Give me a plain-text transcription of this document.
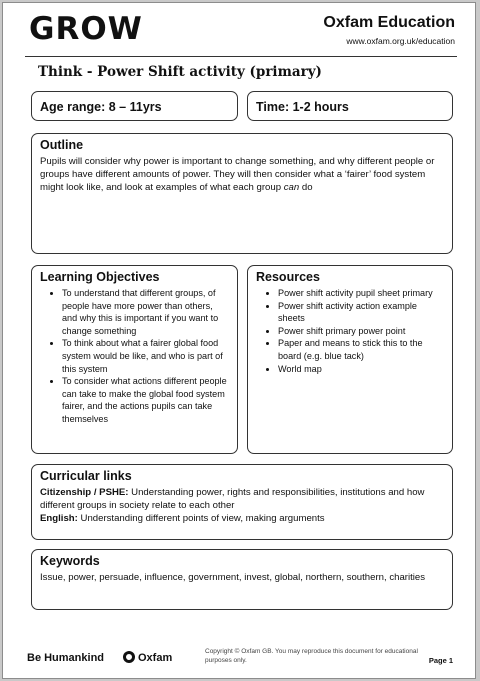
GROW	Oxfam Education
www.oxfam.org.uk/education
Think - Power Shift activity (primary)
Age range: 8 – 11yrs	Time: 1-2 hours
Outline

Pupils will consider why power is important to change something, and why different people or groups have different amounts of power. They will then consider what a ‘fairer’ food system might look like, and look at examples of what each group can do

Learning Objectives
• To understand that different groups, of people have more power than others, and why this is important if you want to change something
• To think about what a fairer global food system would be like, and who is part of this system
• To consider what actions different people can take to make the global food system fairer, and the actions pupils can take themselves
Resources
• Power shift activity pupil sheet primary
• Power shift activity action example sheets
• Power shift primary power point
• Paper and means to stick this to the board (e.g. blue tack)
• World map
Curricular links

Citizenship / PSHE: Understanding power, rights and responsibilities, institutions and how different groups in society relate to each other

English: Understanding different points of view, making arguments

Keywords

Issue, power, persuade, influence, government, invest, global, northern, southern, charities

Be Humankind	Oxfam
Copyright © Oxfam GB. You may reproduce this document for educational purposes only.	Page 1
